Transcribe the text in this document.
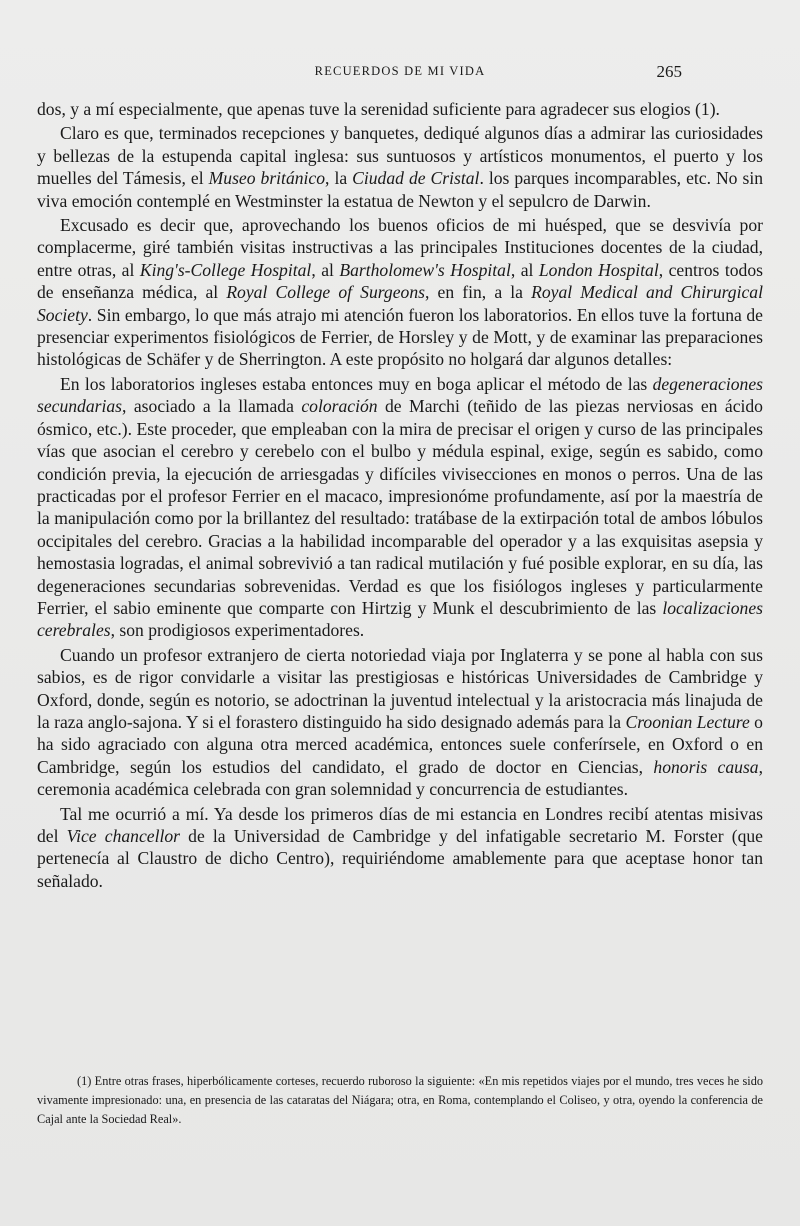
RECUERDOS DE MI VIDA	265

dos, y a mí especialmente, que apenas tuve la serenidad suficiente para agradecer sus elogios (1).

Claro es que, terminados recepciones y banquetes, dediqué algunos días a admirar las curiosidades y bellezas de la estupenda capital inglesa: sus suntuosos y artísticos monumentos, el puerto y los muelles del Támesis, el Museo británico, la Ciudad de Cristal. los parques incomparables, etc. No sin viva emoción contemplé en Westminster la estatua de Newton y el sepulcro de Darwin.

Excusado es decir que, aprovechando los buenos oficios de mi huésped, que se desvivía por complacerme, giré también visitas instructivas a las principales Instituciones docentes de la ciudad, entre otras, al King's-College Hospital, al Bartholomew's Hospital, al London Hospital, centros todos de enseñanza médica, al Royal College of Surgeons, en fin, a la Royal Medical and Chirurgical Society. Sin embargo, lo que más atrajo mi atención fueron los laboratorios. En ellos tuve la fortuna de presenciar experimentos fisiológicos de Ferrier, de Horsley y de Mott, y de examinar las preparaciones histológicas de Schäfer y de Sherrington. A este propósito no holgará dar algunos detalles:

En los laboratorios ingleses estaba entonces muy en boga aplicar el método de las degeneraciones secundarias, asociado a la llamada coloración de Marchi (teñido de las piezas nerviosas en ácido ósmico, etc.). Este proceder, que empleaban con la mira de precisar el origen y curso de las principales vías que asocian el cerebro y cerebelo con el bulbo y médula espinal, exige, según es sabido, como condición previa, la ejecución de arriesgadas y difíciles vivisecciones en monos o perros. Una de las practicadas por el profesor Ferrier en el macaco, impresionóme profundamente, así por la maestría de la manipulación como por la brillantez del resultado: tratábase de la extirpación total de ambos lóbulos occipitales del cerebro. Gracias a la habilidad incomparable del operador y a las exquisitas asepsia y hemostasia logradas, el animal sobrevivió a tan radical mutilación y fué posible explorar, en su día, las degeneraciones secundarias sobrevenidas. Verdad es que los fisiólogos ingleses y particularmente Ferrier, el sabio eminente que comparte con Hirtzig y Munk el descubrimiento de las localizaciones cerebrales, son prodigiosos experimentadores.

Cuando un profesor extranjero de cierta notoriedad viaja por Inglaterra y se pone al habla con sus sabios, es de rigor convidarle a visitar las prestigiosas e históricas Universidades de Cambridge y Oxford, donde, según es notorio, se adoctrinan la juventud intelectual y la aristocracia más linajuda de la raza anglo-sajona. Y si el forastero distinguido ha sido designado además para la Croonian Lecture o ha sido agraciado con alguna otra merced académica, entonces suele conferírsele, en Oxford o en Cambridge, según los estudios del candidato, el grado de doctor en Ciencias, honoris causa, ceremonia académica celebrada con gran solemnidad y concurrencia de estudiantes.

Tal me ocurrió a mí. Ya desde los primeros días de mi estancia en Londres recibí atentas misivas del Vice chancellor de la Universidad de Cambridge y del infatigable secretario M. Forster (que pertenecía al Claustro de dicho Centro), requiriéndome amablemente para que aceptase honor tan señalado.

(1) Entre otras frases, hiperbólicamente corteses, recuerdo ruboroso la siguiente: «En mis repetidos viajes por el mundo, tres veces he sido vivamente impresionado: una, en presencia de las cataratas del Niágara; otra, en Roma, contemplando el Coliseo, y otra, oyendo la conferencia de Cajal ante la Sociedad Real».
